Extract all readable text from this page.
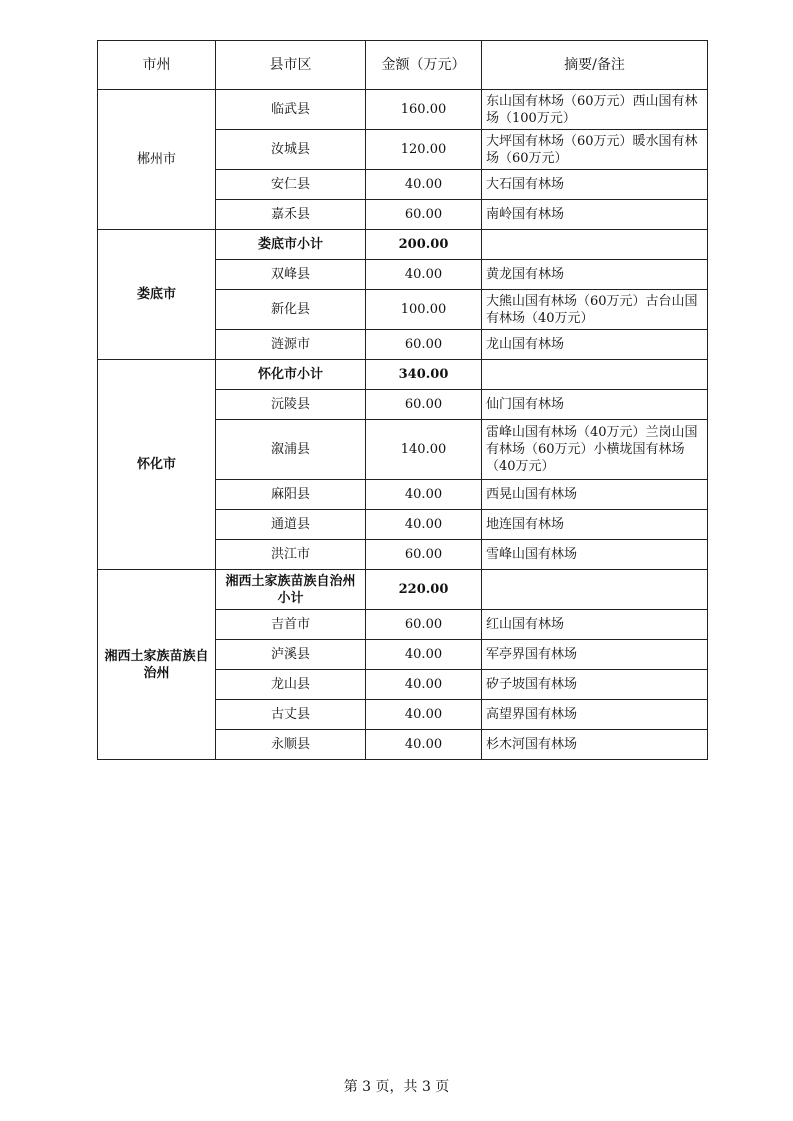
市州	县市区	金额（万元）	摘要/备注
郴州市	临武县	160.00	东山国有林场（60万元）西山国有林场（100万元）
	汝城县	120.00	大坪国有林场（60万元）暖水国有林场（60万元）
	安仁县	40.00	大石国有林场
	嘉禾县	60.00	南岭国有林场
娄底市	娄底市小计	200.00	
	双峰县	40.00	黄龙国有林场
	新化县	100.00	大熊山国有林场（60万元）古台山国有林场（40万元）
	涟源市	60.00	龙山国有林场
怀化市	怀化市小计	340.00	
	沅陵县	60.00	仙门国有林场
	溆浦县	140.00	雷峰山国有林场（40万元）兰岗山国有林场（60万元）小横垅国有林场（40万元）
	麻阳县	40.00	西晃山国有林场
	通道县	40.00	地连国有林场
	洪江市	60.00	雪峰山国有林场
湘西土家族苗族自治州	湘西土家族苗族自治州小计	220.00	
	吉首市	60.00	红山国有林场
	泸溪县	40.00	军亭界国有林场
	龙山县	40.00	矽子坡国有林场
	古丈县	40.00	高望界国有林场
	永顺县	40.00	杉木河国有林场
第 3 页，共 3 页
